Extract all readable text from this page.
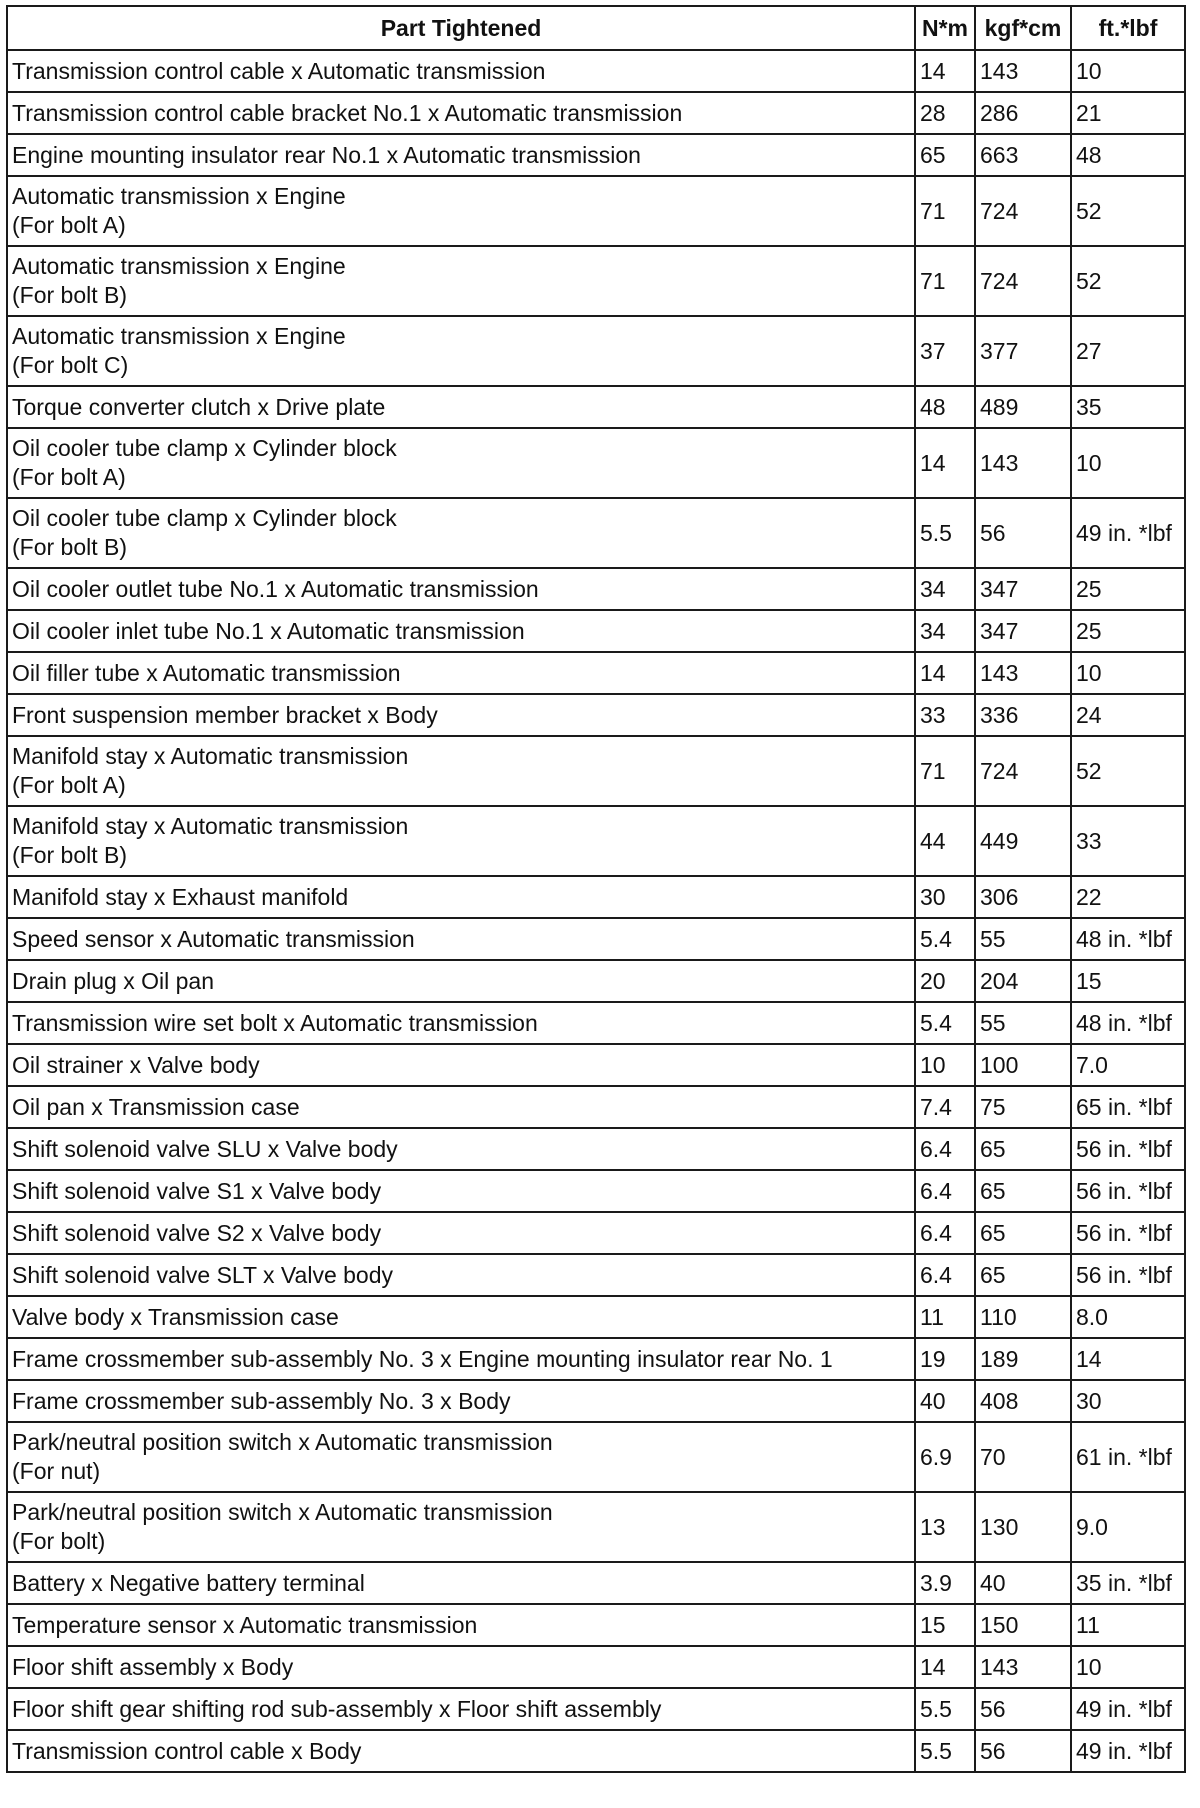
Part Tightened	N*m	kgf*cm	ft.*lbf

Transmission control cable x Automatic transmission	14	143	10

Transmission control cable bracket No.1 x Automatic transmission	28	286	21

Engine mounting insulator rear No.1 x Automatic transmission	65	663	48

Automatic transmission x Engine
(For bolt A)	71	724	52

Automatic transmission x Engine
(For bolt B)	71	724	52

Automatic transmission x Engine
(For bolt C)	37	377	27

Torque converter clutch x Drive plate	48	489	35

Oil cooler tube clamp x Cylinder block
(For bolt A)	14	143	10

Oil cooler tube clamp x Cylinder block
(For bolt B)	5.5	56	49 in. *lbf

Oil cooler outlet tube No.1 x Automatic transmission	34	347	25

Oil cooler inlet tube No.1 x Automatic transmission	34	347	25

Oil filler tube x Automatic transmission	14	143	10

Front suspension member bracket x Body	33	336	24

Manifold stay x Automatic transmission
(For bolt A)	71	724	52

Manifold stay x Automatic transmission
(For bolt B)	44	449	33

Manifold stay x Exhaust manifold	30	306	22

Speed sensor x Automatic transmission	5.4	55	48 in. *lbf

Drain plug x Oil pan	20	204	15

Transmission wire set bolt x Automatic transmission	5.4	55	48 in. *lbf

Oil strainer x Valve body	10	100	7.0

Oil pan x Transmission case	7.4	75	65 in. *lbf

Shift solenoid valve SLU x Valve body	6.4	65	56 in. *lbf

Shift solenoid valve S1 x Valve body	6.4	65	56 in. *lbf

Shift solenoid valve S2 x Valve body	6.4	65	56 in. *lbf

Shift solenoid valve SLT x Valve body	6.4	65	56 in. *lbf

Valve body x Transmission case	11	110	8.0

Frame crossmember sub-assembly No. 3 x Engine mounting insulator rear No. 1	19	189	14

Frame crossmember sub-assembly No. 3 x Body	40	408	30

Park/neutral position switch x Automatic transmission
(For nut)	6.9	70	61 in. *lbf

Park/neutral position switch x Automatic transmission
(For bolt)	13	130	9.0

Battery x Negative battery terminal	3.9	40	35 in. *lbf

Temperature sensor x Automatic transmission	15	150	11

Floor shift assembly x Body	14	143	10

Floor shift gear shifting rod sub-assembly x Floor shift assembly	5.5	56	49 in. *lbf

Transmission control cable x Body	5.5	56	49 in. *lbf
